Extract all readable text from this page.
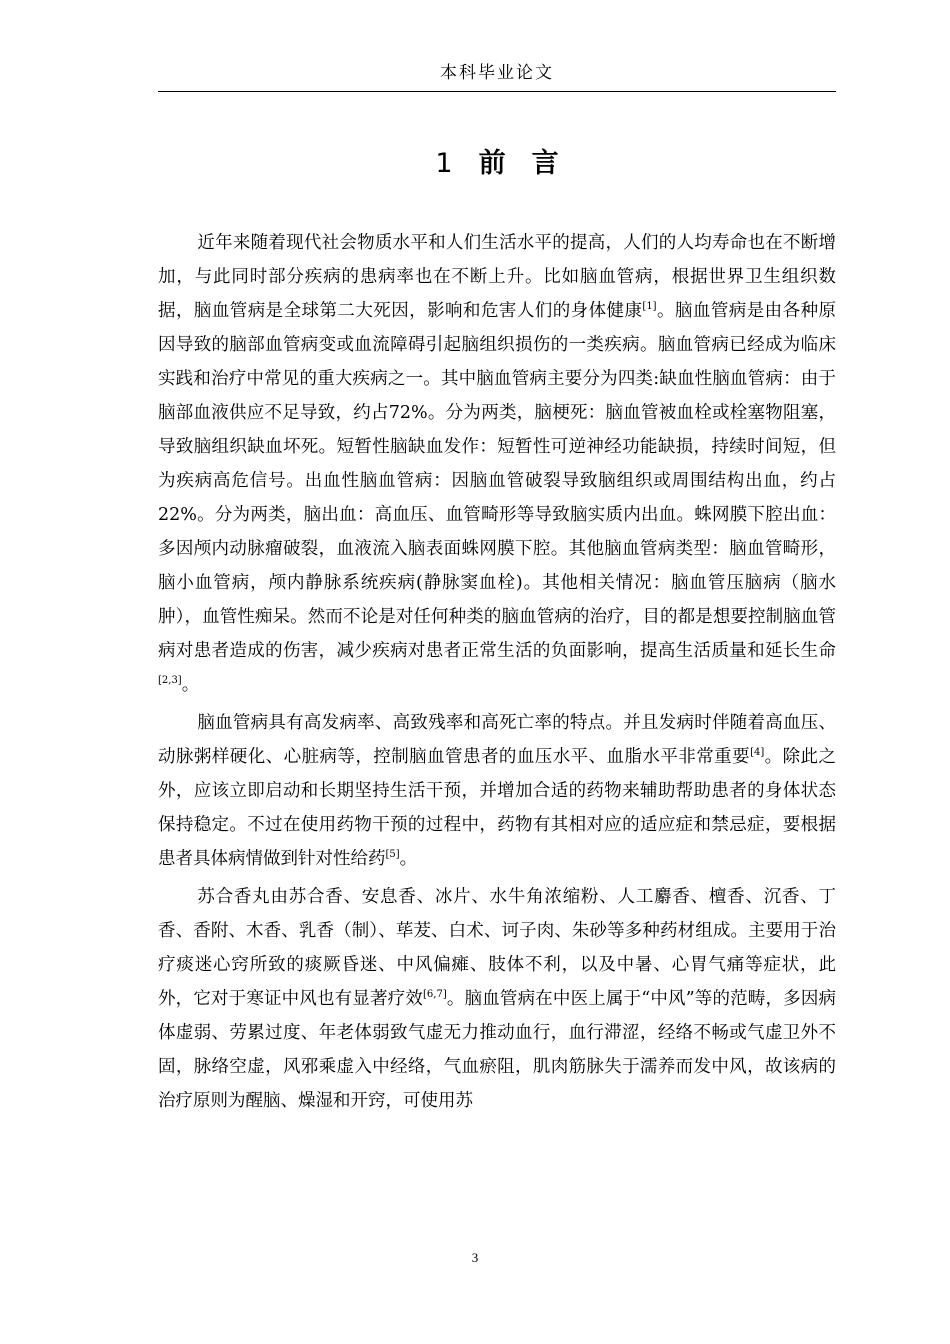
本科毕业论文
1 前言

近年来随着现代社会物质水平和人们生活水平的提高，人们的人均寿命也在不断增加，与此同时部分疾病的患病率也在不断上升。比如脑血管病，根据世界卫生组织数据，脑血管病是全球第二大死因，影响和危害人们的身体健康[1]。脑血管病是由各种原因导致的脑部血管病变或血流障碍引起脑组织损伤的一类疾病。脑血管病已经成为临床实践和治疗中常见的重大疾病之一。其中脑血管病主要分为四类:缺血性脑血管病：由于脑部血液供应不足导致，约占72%。分为两类，脑梗死：脑血管被血栓或栓塞物阻塞，导致脑组织缺血坏死。短暂性脑缺血发作：短暂性可逆神经功能缺损，持续时间短，但为疾病高危信号。出血性脑血管病：因脑血管破裂导致脑组织或周围结构出血，约占22%。分为两类，脑出血：高血压、血管畸形等导致脑实质内出血。蛛网膜下腔出血：多因颅内动脉瘤破裂，血液流入脑表面蛛网膜下腔。其他脑血管病类型：脑血管畸形，脑小血管病，颅内静脉系统疾病(静脉窦血栓)。其他相关情况：脑血管压脑病（脑水肿），血管性痴呆。然而不论是对任何种类的脑血管病的治疗，目的都是想要控制脑血管病对患者造成的伤害，减少疾病对患者正常生活的负面影响，提高生活质量和延长生命[2,3]。

脑血管病具有高发病率、高致残率和高死亡率的特点。并且发病时伴随着高血压、动脉粥样硬化、心脏病等，控制脑血管患者的血压水平、血脂水平非常重要[4]。除此之外，应该立即启动和长期坚持生活干预，并增加合适的药物来辅助帮助患者的身体状态保持稳定。不过在使用药物干预的过程中，药物有其相对应的适应症和禁忌症，要根据患者具体病情做到针对性给药[5]。

苏合香丸由苏合香、安息香、冰片、水牛角浓缩粉、人工麝香、檀香、沉香、丁香、香附、木香、乳香（制）、荜茇、白术、诃子肉、朱砂等多种药材组成。主要用于治疗痰迷心窍所致的痰厥昏迷、中风偏瘫、肢体不利，以及中暑、心胃气痛等症状，此外，它对于寒证中风也有显著疗效[6,7]。脑血管病在中医上属于“中风”等的范畴，多因病体虚弱、劳累过度、年老体弱致气虚无力推动血行，血行滞涩，经络不畅或气虚卫外不固，脉络空虚，风邪乘虚入中经络，气血瘀阻，肌肉筋脉失于濡养而发中风，故该病的治疗原则为醒脑、燥湿和开窍，可使用苏

3
